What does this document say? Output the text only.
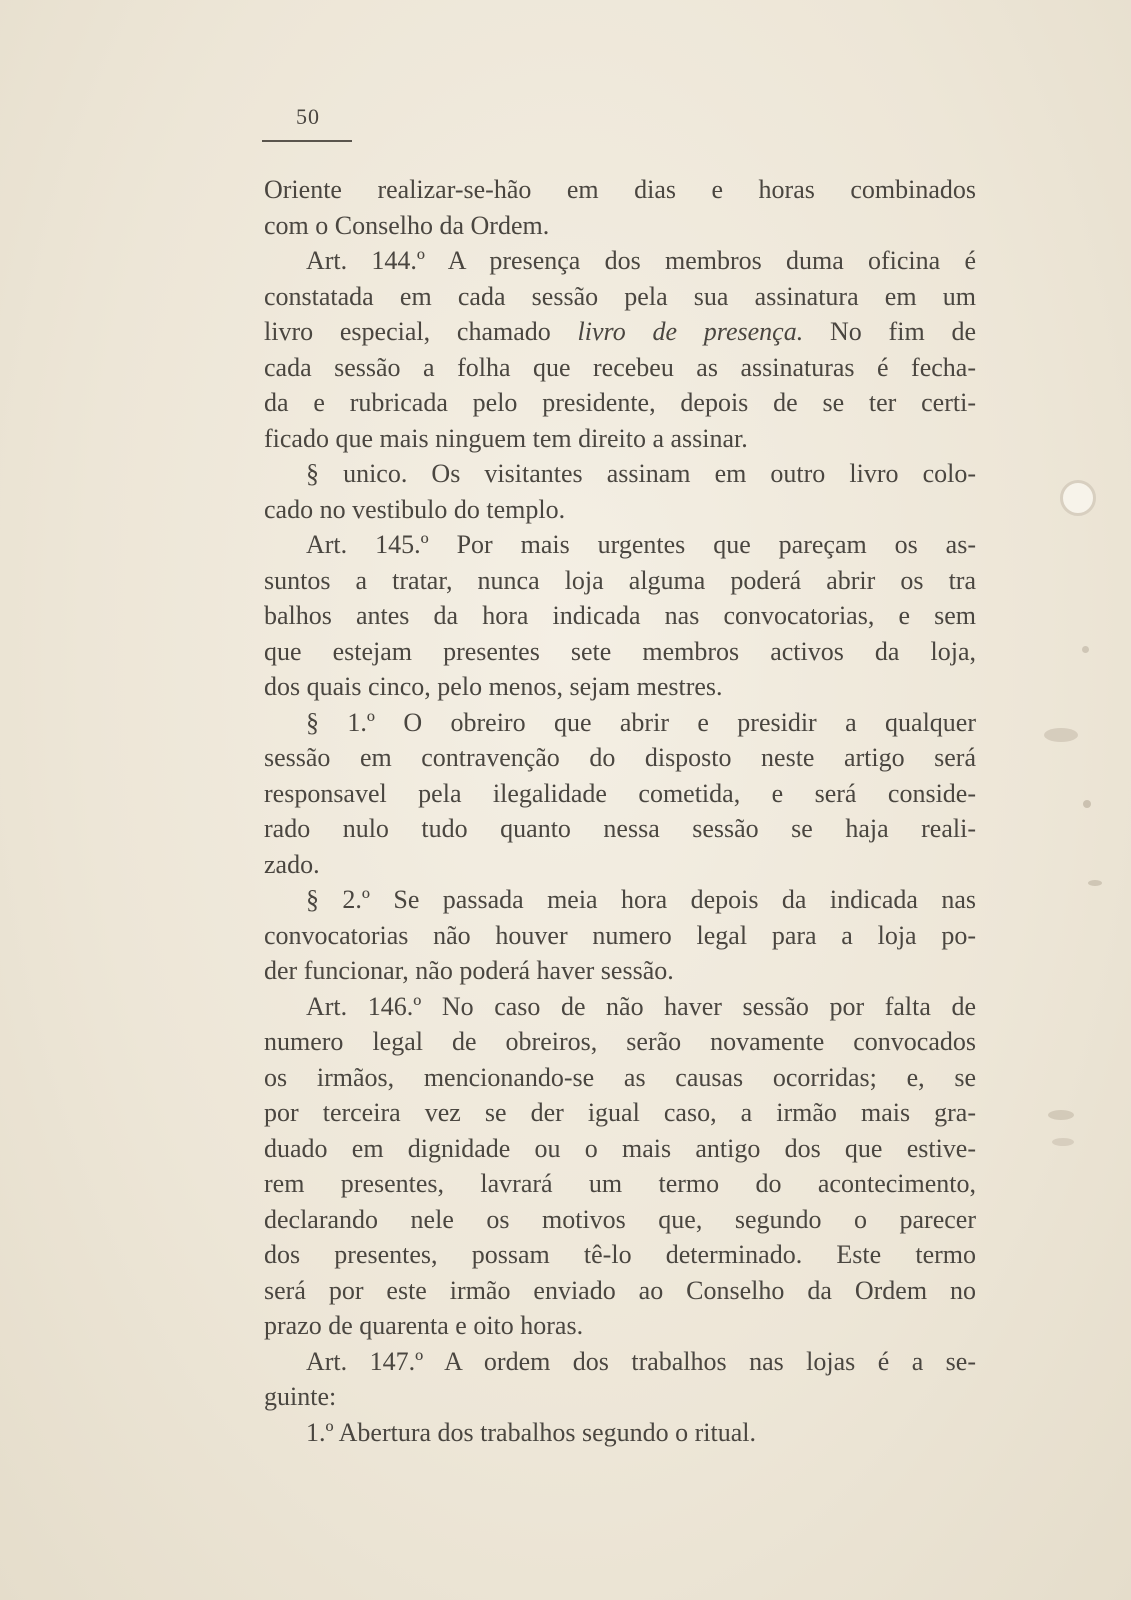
50
Oriente realizar-se-hão em dias e horas combinados
com o Conselho da Ordem.
Art. 144.º A presença dos membros duma oficina é
constatada em cada sessão pela sua assinatura em um
livro especial, chamado livro de presença. No fim de
cada sessão a folha que recebeu as assinaturas é fecha-
da e rubricada pelo presidente, depois de se ter certi-
ficado que mais ninguem tem direito a assinar.
§ unico. Os visitantes assinam em outro livro colo-
cado no vestibulo do templo.
Art. 145.º Por mais urgentes que pareçam os as-
suntos a tratar, nunca loja alguma poderá abrir os tra
balhos antes da hora indicada nas convocatorias, e sem
que estejam presentes sete membros activos da loja,
dos quais cinco, pelo menos, sejam mestres.
§ 1.º O obreiro que abrir e presidir a qualquer
sessão em contravenção do disposto neste artigo será
responsavel pela ilegalidade cometida, e será conside-
rado nulo tudo quanto nessa sessão se haja reali-
zado.
§ 2.º Se passada meia hora depois da indicada nas
convocatorias não houver numero legal para a loja po-
der funcionar, não poderá haver sessão.
Art. 146.º No caso de não haver sessão por falta de
numero legal de obreiros, serão novamente convocados
os irmãos, mencionando-se as causas ocorridas; e, se
por terceira vez se der igual caso, a irmão mais gra-
duado em dignidade ou o mais antigo dos que estive-
rem presentes, lavrará um termo do acontecimento,
declarando nele os motivos que, segundo o parecer
dos presentes, possam tê-lo determinado. Este termo
será por este irmão enviado ao Conselho da Ordem no
prazo de quarenta e oito horas.
Art. 147.º A ordem dos trabalhos nas lojas é a se-
guinte:
1.º Abertura dos trabalhos segundo o ritual.
